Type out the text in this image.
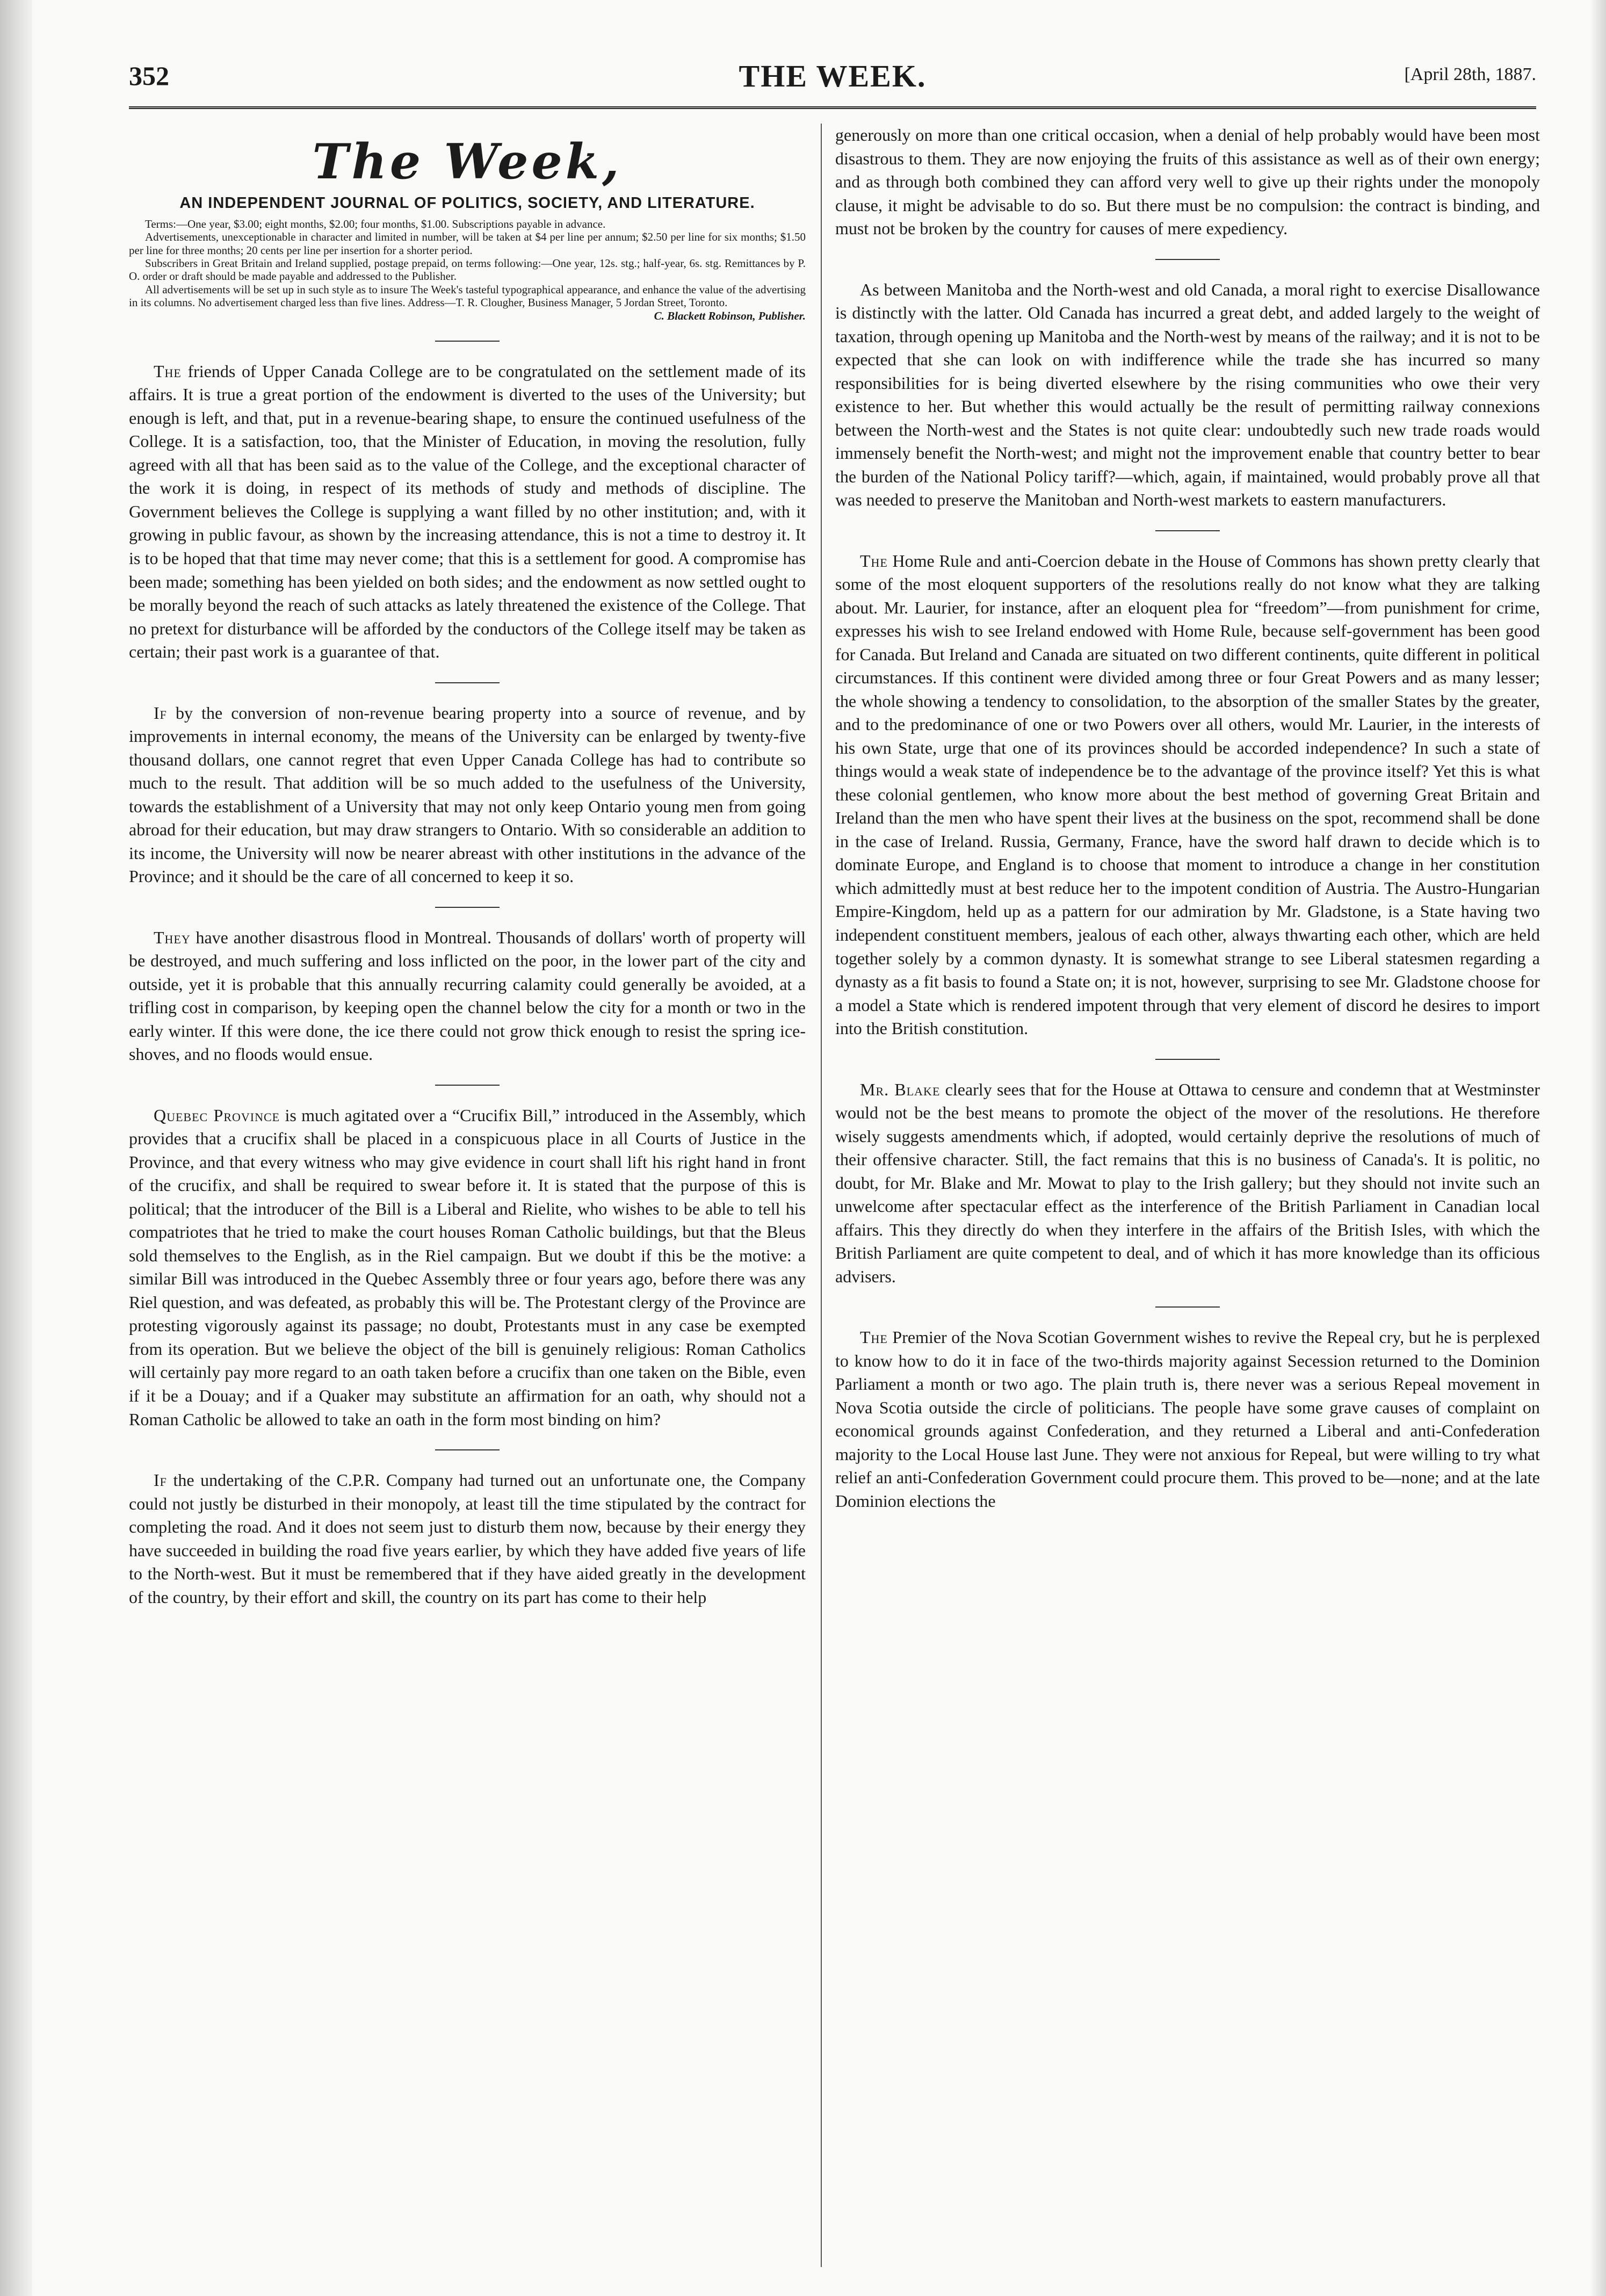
352	THE WEEK.	[April 28th, 1887.
The Week,
AN INDEPENDENT JOURNAL OF POLITICS, SOCIETY, AND LITERATURE.

Terms:—One year, $3.00; eight months, $2.00; four months, $1.00. Subscriptions payable in advance.

Advertisements, unexceptionable in character and limited in number, will be taken at $4 per line per annum; $2.50 per line for six months; $1.50 per line for three months; 20 cents per line per insertion for a shorter period.

Subscribers in Great Britain and Ireland supplied, postage prepaid, on terms following:—One year, 12s. stg.; half-year, 6s. stg. Remittances by P. O. order or draft should be made payable and addressed to the Publisher.

All advertisements will be set up in such style as to insure The Week's tasteful typographical appearance, and enhance the value of the advertising in its columns. No advertisement charged less than five lines. Address—T. R. Clougher, Business Manager, 5 Jordan Street, Toronto.

C. Blackett Robinson, Publisher.

The friends of Upper Canada College are to be congratulated on the settlement made of its affairs. It is true a great portion of the endowment is diverted to the uses of the University; but enough is left, and that, put in a revenue-bearing shape, to ensure the continued usefulness of the College. It is a satisfaction, too, that the Minister of Education, in moving the resolution, fully agreed with all that has been said as to the value of the College, and the exceptional character of the work it is doing, in respect of its methods of study and methods of discipline. The Government believes the College is supplying a want filled by no other institution; and, with it growing in public favour, as shown by the increasing attendance, this is not a time to destroy it. It is to be hoped that that time may never come; that this is a settlement for good. A compromise has been made; something has been yielded on both sides; and the endowment as now settled ought to be morally beyond the reach of such attacks as lately threatened the existence of the College. That no pretext for disturbance will be afforded by the conductors of the College itself may be taken as certain; their past work is a guarantee of that.

If by the conversion of non-revenue bearing property into a source of revenue, and by improvements in internal economy, the means of the University can be enlarged by twenty-five thousand dollars, one cannot regret that even Upper Canada College has had to contribute so much to the result. That addition will be so much added to the usefulness of the University, towards the establishment of a University that may not only keep Ontario young men from going abroad for their education, but may draw strangers to Ontario. With so considerable an addition to its income, the University will now be nearer abreast with other institutions in the advance of the Province; and it should be the care of all concerned to keep it so.

They have another disastrous flood in Montreal. Thousands of dollars' worth of property will be destroyed, and much suffering and loss inflicted on the poor, in the lower part of the city and outside, yet it is probable that this annually recurring calamity could generally be avoided, at a trifling cost in comparison, by keeping open the channel below the city for a month or two in the early winter. If this were done, the ice there could not grow thick enough to resist the spring ice-shoves, and no floods would ensue.

Quebec Province is much agitated over a “Crucifix Bill,” introduced in the Assembly, which provides that a crucifix shall be placed in a conspicuous place in all Courts of Justice in the Province, and that every witness who may give evidence in court shall lift his right hand in front of the crucifix, and shall be required to swear before it. It is stated that the purpose of this is political; that the introducer of the Bill is a Liberal and Rielite, who wishes to be able to tell his compatriotes that he tried to make the court houses Roman Catholic buildings, but that the Bleus sold themselves to the English, as in the Riel campaign. But we doubt if this be the motive: a similar Bill was introduced in the Quebec Assembly three or four years ago, before there was any Riel question, and was defeated, as probably this will be. The Protestant clergy of the Province are protesting vigorously against its passage; no doubt, Protestants must in any case be exempted from its operation. But we believe the object of the bill is genuinely religious: Roman Catholics will certainly pay more regard to an oath taken before a crucifix than one taken on the Bible, even if it be a Douay; and if a Quaker may substitute an affirmation for an oath, why should not a Roman Catholic be allowed to take an oath in the form most binding on him?

If the undertaking of the C.P.R. Company had turned out an unfortunate one, the Company could not justly be disturbed in their monopoly, at least till the time stipulated by the contract for completing the road. And it does not seem just to disturb them now, because by their energy they have succeeded in building the road five years earlier, by which they have added five years of life to the North-west. But it must be remembered that if they have aided greatly in the development of the country, by their effort and skill, the country on its part has come to their help

generously on more than one critical occasion, when a denial of help probably would have been most disastrous to them. They are now enjoying the fruits of this assistance as well as of their own energy; and as through both combined they can afford very well to give up their rights under the monopoly clause, it might be advisable to do so. But there must be no compulsion: the contract is binding, and must not be broken by the country for causes of mere expediency.

As between Manitoba and the North-west and old Canada, a moral right to exercise Disallowance is distinctly with the latter. Old Canada has incurred a great debt, and added largely to the weight of taxation, through opening up Manitoba and the North-west by means of the railway; and it is not to be expected that she can look on with indifference while the trade she has incurred so many responsibilities for is being diverted elsewhere by the rising communities who owe their very existence to her. But whether this would actually be the result of permitting railway connexions between the North-west and the States is not quite clear: undoubtedly such new trade roads would immensely benefit the North-west; and might not the improvement enable that country better to bear the burden of the National Policy tariff?—which, again, if maintained, would probably prove all that was needed to preserve the Manitoban and North-west markets to eastern manufacturers.

The Home Rule and anti-Coercion debate in the House of Commons has shown pretty clearly that some of the most eloquent supporters of the resolutions really do not know what they are talking about. Mr. Laurier, for instance, after an eloquent plea for “freedom”—from punishment for crime, expresses his wish to see Ireland endowed with Home Rule, because self-government has been good for Canada. But Ireland and Canada are situated on two different continents, quite different in political circumstances. If this continent were divided among three or four Great Powers and as many lesser; the whole showing a tendency to consolidation, to the absorption of the smaller States by the greater, and to the predominance of one or two Powers over all others, would Mr. Laurier, in the interests of his own State, urge that one of its provinces should be accorded independence? In such a state of things would a weak state of independence be to the advantage of the province itself? Yet this is what these colonial gentlemen, who know more about the best method of governing Great Britain and Ireland than the men who have spent their lives at the business on the spot, recommend shall be done in the case of Ireland. Russia, Germany, France, have the sword half drawn to decide which is to dominate Europe, and England is to choose that moment to introduce a change in her constitution which admittedly must at best reduce her to the impotent condition of Austria. The Austro-Hungarian Empire-Kingdom, held up as a pattern for our admiration by Mr. Gladstone, is a State having two independent constituent members, jealous of each other, always thwarting each other, which are held together solely by a common dynasty. It is somewhat strange to see Liberal statesmen regarding a dynasty as a fit basis to found a State on; it is not, however, surprising to see Mr. Gladstone choose for a model a State which is rendered impotent through that very element of discord he desires to import into the British constitution.

Mr. Blake clearly sees that for the House at Ottawa to censure and condemn that at Westminster would not be the best means to promote the object of the mover of the resolutions. He therefore wisely suggests amendments which, if adopted, would certainly deprive the resolutions of much of their offensive character. Still, the fact remains that this is no business of Canada's. It is politic, no doubt, for Mr. Blake and Mr. Mowat to play to the Irish gallery; but they should not invite such an unwelcome after spectacular effect as the interference of the British Parliament in Canadian local affairs. This they directly do when they interfere in the affairs of the British Isles, with which the British Parliament are quite competent to deal, and of which it has more knowledge than its officious advisers.

The Premier of the Nova Scotian Government wishes to revive the Repeal cry, but he is perplexed to know how to do it in face of the two-thirds majority against Secession returned to the Dominion Parliament a month or two ago. The plain truth is, there never was a serious Repeal movement in Nova Scotia outside the circle of politicians. The people have some grave causes of complaint on economical grounds against Confederation, and they returned a Liberal and anti-Confederation majority to the Local House last June. They were not anxious for Repeal, but were willing to try what relief an anti-Confederation Government could procure them. This proved to be—none; and at the late Dominion elections the
